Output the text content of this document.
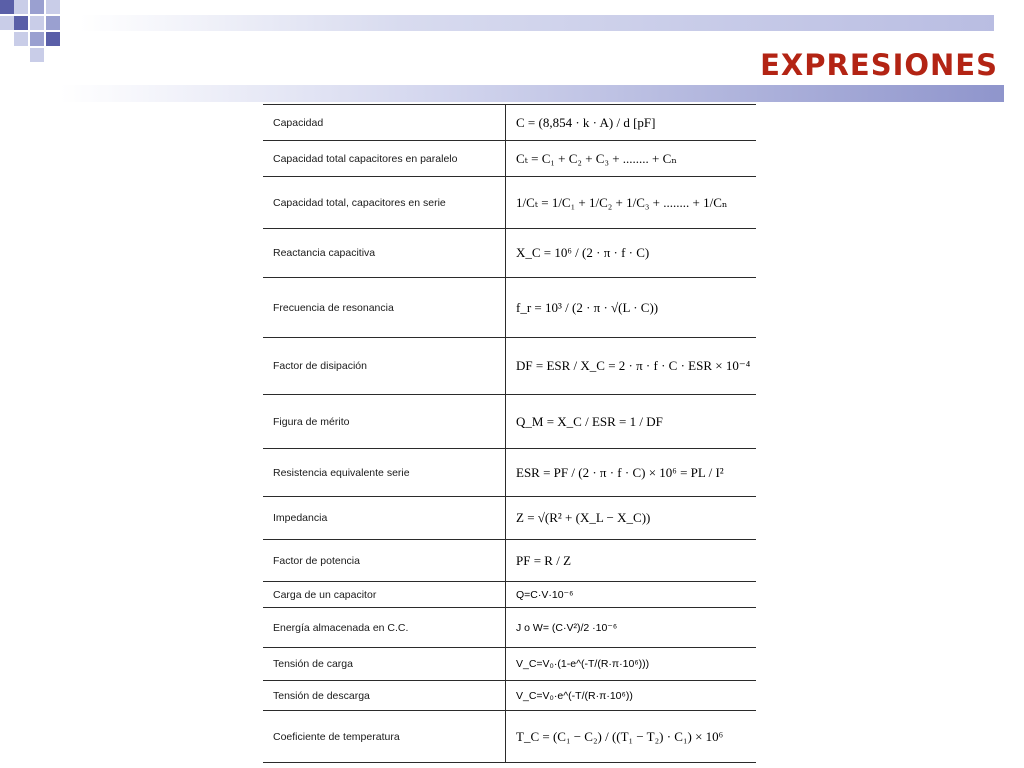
EXPRESIONES
Capacidad	C = (8,854 · k · A) / d [pF]
Capacidad total capacitores en paralelo	Cₜ = C₁ + C₂ + C₃ + ........ + Cₙ
Capacidad total, capacitores en serie	1/Cₜ = 1/C₁ + 1/C₂ + 1/C₃ + ........ + 1/Cₙ
Reactancia capacitiva	X_C = 10⁶ / (2 · π · f · C)
Frecuencia de resonancia	f_r = 10³ / (2 · π · √(L · C))
Factor de disipación	DF = ESR / X_C = 2 · π · f · C · ESR × 10⁻⁴
Figura de mérito	Q_M = X_C / ESR = 1 / DF
Resistencia equivalente serie	ESR = PF / (2 · π · f · C) × 10⁶ = PL / I²
Impedancia	Z = √(R² + (X_L − X_C))
Factor de potencia	PF = R / Z
Carga de un capacitor	Q=C·V·10⁻⁶
Energía almacenada en C.C.	J o W= (C·V²)/2 ·10⁻⁶
Tensión de carga	V_C=V₀·(1-e^(-T/(R·π·10⁶)))
Tensión de descarga	V_C=V₀·e^(-T/(R·π·10⁶))
Coeficiente de temperatura	T_C = (C₁ − C₂) / ((T₁ − T₂) · C₁) × 10⁶
